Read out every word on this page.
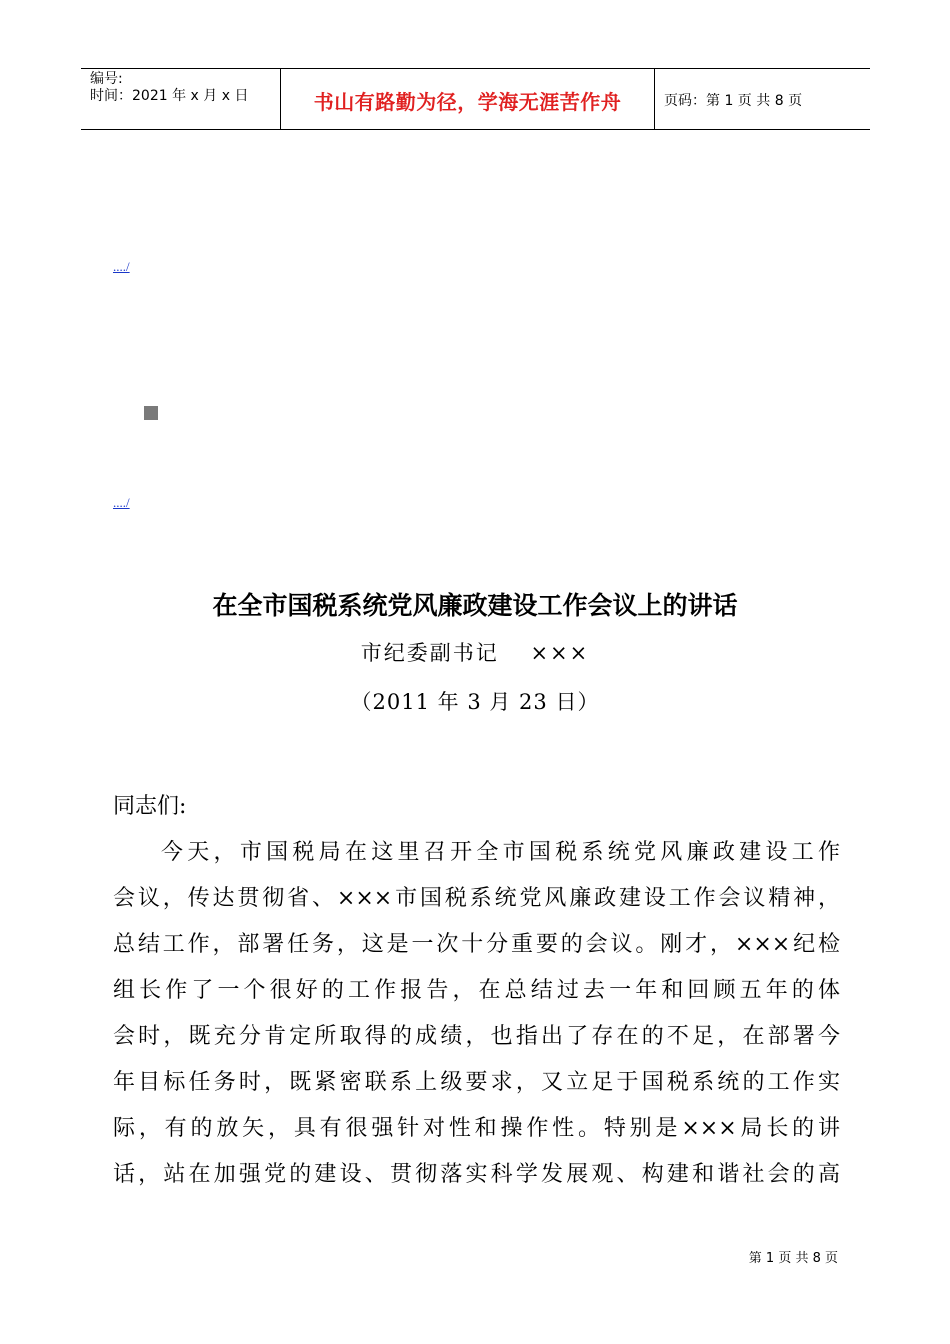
编号:
时间：2021 年 x 月 x 日	书山有路勤为径，学海无涯苦作舟	页码：第 1 页 共 8 页
..../
..../
在全市国税系统党风廉政建设工作会议上的讲话
市纪委副书记　 ×××
（2011 年 3 月 23 日）
同志们:
今天，市国税局在这里召开全市国税系统党风廉政建设工作
会议，传达贯彻省、×××市国税系统党风廉政建设工作会议精神，
总结工作，部署任务，这是一次十分重要的会议。刚才，×××纪检
组长作了一个很好的工作报告，在总结过去一年和回顾五年的体
会时，既充分肯定所取得的成绩，也指出了存在的不足，在部署今
年目标任务时，既紧密联系上级要求，又立足于国税系统的工作实
际，有的放矢，具有很强针对性和操作性。特别是×××局长的讲
话，站在加强党的建设、贯彻落实科学发展观、构建和谐社会的高
第 1 页 共 8 页
